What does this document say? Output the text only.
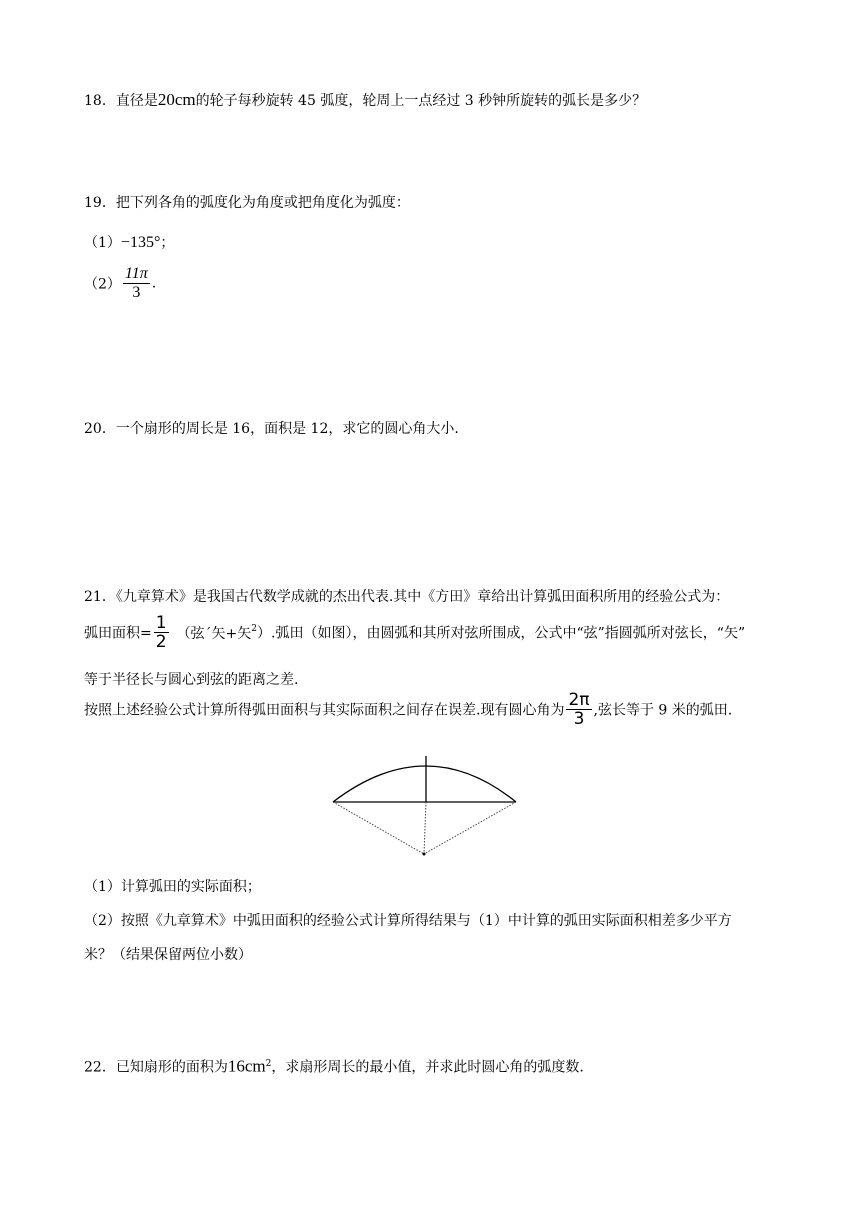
18．直径是20cm的轮子每秒旋转 45 弧度，轮周上一点经过 3 秒钟所旋转的弧长是多少？
19．把下列各角的弧度化为角度或把角度化为弧度：
（1）−135°；
$(2) \frac{11\pi}{3}$ .
20．一个扇形的周长是 16，面积是 12，求它的圆心角大小.
21．《九章算术》是我国古代数学成就的杰出代表.其中《方田》章给出计算弧田面积所用的经验公式为：
弧田面积= $\frac{1}{2}$ （弦´矢+矢$^2$）.弧田（如图），由圆弧和其所对弦所围成，公式中“弦”指圆弧所对弦长，“矢”
等于半径长与圆心到弦的距离之差.
按照上述经验公式计算所得弧田面积与其实际面积之间存在误差.现有圆心角为 $\frac{2\pi}{3}$ ,弦长等于 9 米的弧田.
（1）计算弧田的实际面积；
（2）按照《九章算术》中弧田面积的经验公式计算所得结果与（1）中计算的弧田实际面积相差多少平方
米？（结果保留两位小数）
22．已知扇形的面积为$16cm^2$，求扇形周长的最小值，并求此时圆心角的弧度数.
